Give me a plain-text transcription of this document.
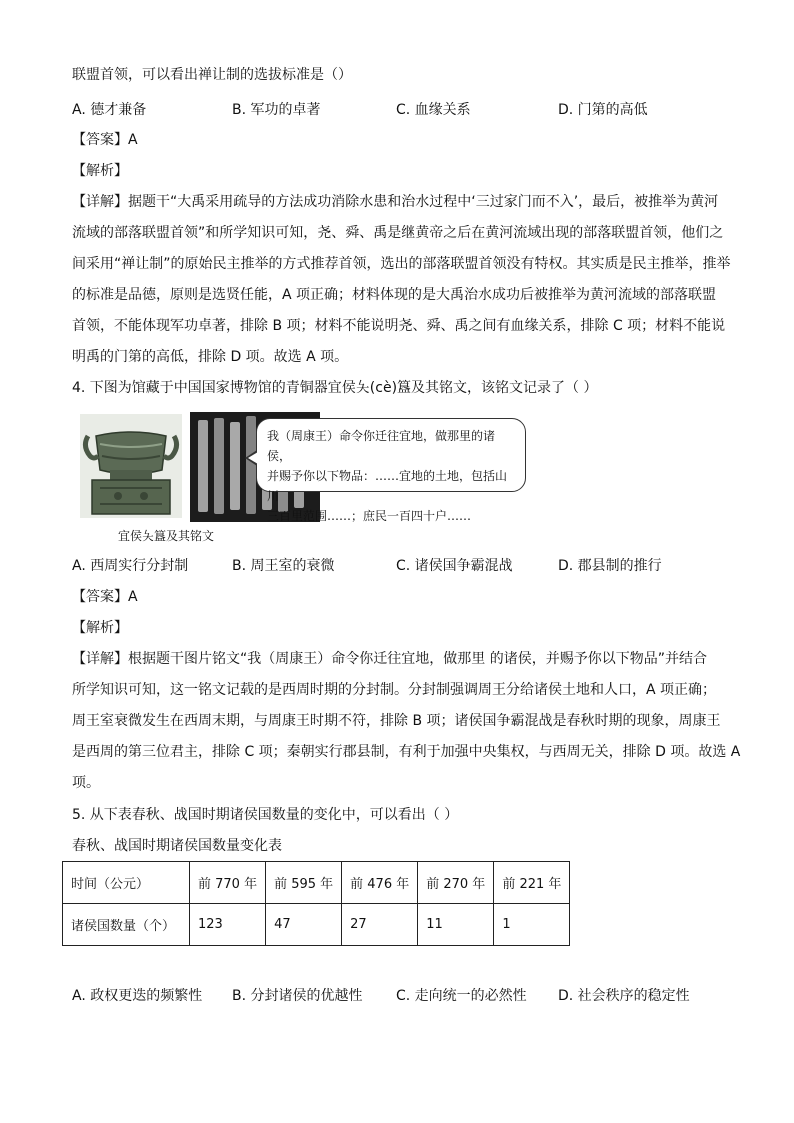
联盟首领，可以看出禅让制的选拔标准是（）
A. 德才兼备	B. 军功的卓著	C. 血缘关系	D. 门第的高低
【答案】A
【解析】
【详解】据题干“大禹采用疏导的方法成功消除水患和治水过程中‘三过家门而不入’，最后，被推举为黄河
流域的部落联盟首领”和所学知识可知，尧、舜、禹是继黄帝之后在黄河流域出现的部落联盟首领，他们之
间采用“禅让制”的原始民主推举的方式推荐首领，选出的部落联盟首领没有特权。其实质是民主推举，推举
的标准是品德，原则是选贤任能，A 项正确；材料体现的是大禹治水成功后被推举为黄河流域的部落联盟
首领，不能体现军功卓著，排除 B 项；材料不能说明尧、舜、禹之间有血缘关系，排除 C 项；材料不能说
明禹的门第的高低，排除 D 项。故选 A 项。
4. 下图为馆藏于中国国家博物馆的青铜器宜侯夨(cè)簋及其铭文，该铭文记录了（ ）
我（周康王）命令你迁往宜地，做那里的诸侯，
并赐予你以下物品：……宜地的土地，包括山川
三百里范围……；庶民一百四十户……
宜侯夨簋及其铭文
A. 西周实行分封制	B. 周王室的衰微	C. 诸侯国争霸混战	D. 郡县制的推行
【答案】A
【解析】
【详解】根据题干图片铭文“我（周康王）命令你迁往宜地，做那里 的诸侯，并赐予你以下物品”并结合
所学知识可知，这一铭文记载的是西周时期的分封制。分封制强调周王分给诸侯土地和人口，A 项正确；
周王室衰微发生在西周末期，与周康王时期不符，排除 B 项；诸侯国争霸混战是春秋时期的现象，周康王
是西周的第三位君主，排除 C 项；秦朝实行郡县制，有利于加强中央集权，与西周无关，排除 D 项。故选 A
项。
5. 从下表春秋、战国时期诸侯国数量的变化中，可以看出（ ）
春秋、战国时期诸侯国数量变化表
时间（公元）	前 770 年	前 595 年	前 476 年	前 270 年	前 221 年
诸侯国数量（个）	123	47	27	11	1
A. 政权更迭的频繁性 B. 分封诸侯的优越性 C. 走向统一的必然性 D. 社会秩序的稳定性
